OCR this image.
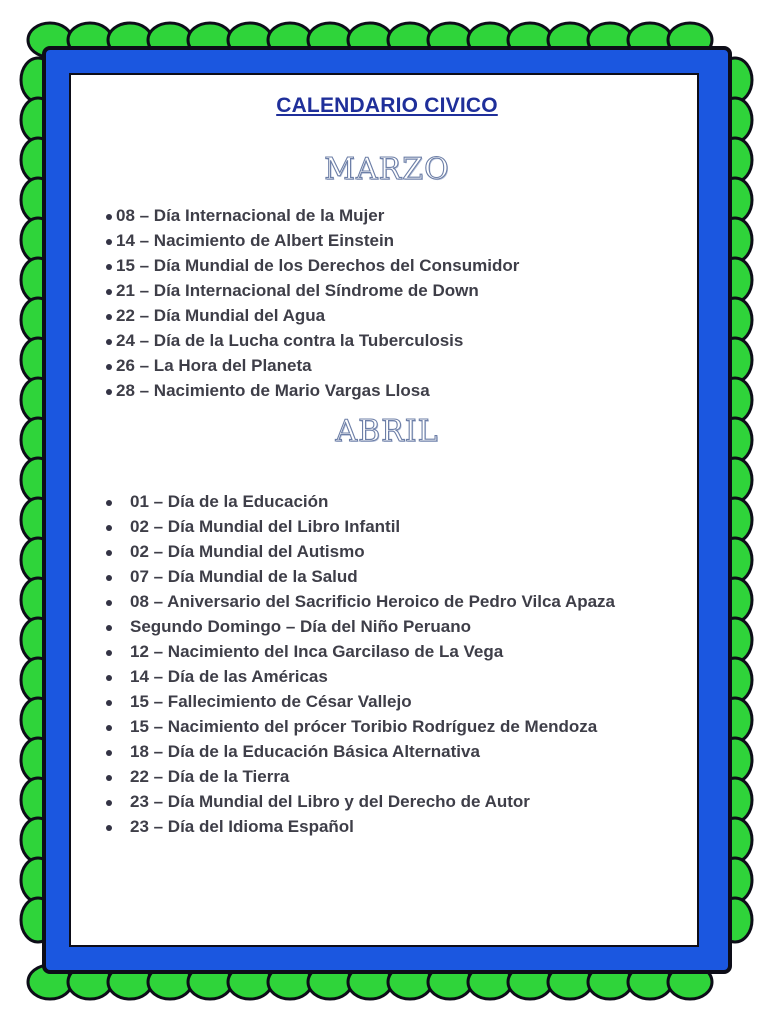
CALENDARIO CIVICO
MARZO
08 – Día Internacional de la Mujer
14 – Nacimiento de Albert Einstein
15 – Día Mundial de los Derechos del Consumidor
21 – Día Internacional del Síndrome de Down
22 – Día Mundial del Agua
24 – Día de la Lucha contra la Tuberculosis
26 – La Hora del Planeta
28 – Nacimiento de Mario Vargas Llosa
ABRIL
01 – Día de la Educación
02 – Día Mundial del Libro Infantil
02 – Día Mundial del Autismo
07 – Día Mundial de la Salud
08 – Aniversario del Sacrificio Heroico de Pedro Vilca Apaza
Segundo Domingo – Día del Niño Peruano
12 – Nacimiento del Inca Garcilaso de La Vega
14 – Día de las Américas
15 – Fallecimiento de César Vallejo
15 – Nacimiento del prócer Toribio Rodríguez de Mendoza
18 – Día de la Educación Básica Alternativa
22 – Día de la Tierra
23 – Día Mundial del Libro y del Derecho de Autor
23 – Día del Idioma Español
